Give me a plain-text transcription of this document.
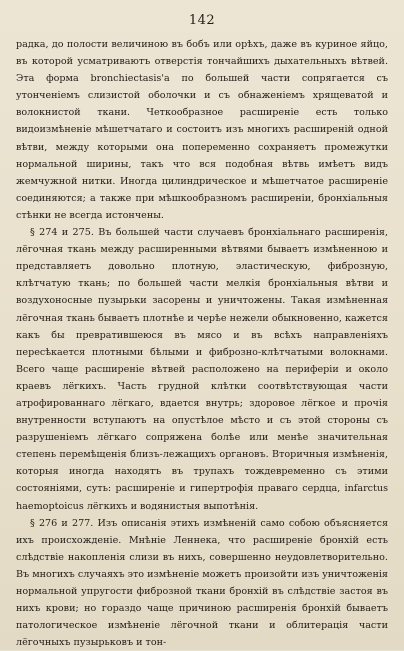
142

радка, до полости величиною въ бобъ или орѣхъ, даже въ куриное яйцо, въ которой усматриваютъ отверстія тончайшихъ дыхательныхъ вѣтвей. Эта форма bronchiectasis'а по большей части сопрягается съ утонченіемъ слизистой оболочки и съ обнаженіемъ хрящеватой и волокнистой ткани. Четкообразное расширеніе есть только видоизмѣненіе мѣшетчатаго и состоитъ изъ многихъ расширеній одной вѣтви, между которыми она попеременно сохраняетъ промежутки нормальной ширины, такъ что вся подобная вѣтвь имѣетъ видъ жемчужной нитки. Иногда цилиндрическое и мѣшетчатое расширеніе соединяются; а также при мѣшкообразномъ расширеніи, бронхіальныя стѣнки не всегда истончены.

§ 274 и 275. Въ большей части случаевъ бронхіальнаго расширенія, лёгочная ткань между расширенными вѣтвями бываетъ измѣненною и представляетъ довольно плотную, эластическую, фиброзную, клѣтчатую ткань; по большей части мелкія бронхіальныя вѣтви и воздухоносные пузырьки засорены и уничтожены. Такая измѣненная лёгочная ткань бываетъ плотнѣе и черѣе нежели обыкновенно, кажется какъ бы превратившеюся въ мясо и въ всѣхъ направленіяхъ пересѣкается плотными бѣлыми и фиброзно-клѣтчатыми волокнами. Всего чаще расширеніе вѣтвей расположено на периферіи и около краевъ лёгкихъ. Часть грудной клѣтки соотвѣтствующая части атрофированнаго лёгкаго, вдается внутрь; здоровое лёгкое и прочія внутренности вступаютъ на опустѣлое мѣсто и съ этой стороны съ разрушеніемъ лёгкаго сопряжена болѣе или менѣе значительная степень перемѣщенія близъ-лежащихъ органовъ. Вторичныя измѣненія, которыя иногда находятъ въ трупахъ тождевременно съ этими состояніями, суть: расширеніе и гипертрофія праваго сердца, infarctus haemoptoicus лёгкихъ и водянистыя выпотѣнія.

§ 276 и 277. Изъ описанія этихъ измѣненій само собою объясняется ихъ происхожденіе. Мнѣніе Леннека, что расширеніе бронхій есть слѣдствіе накопленія слизи въ нихъ, совершенно неудовлетворительно. Въ многихъ случаяхъ это измѣненіе можетъ произойти изъ уничтоженія нормальной упругости фиброзной ткани бронхій въ слѣдствіе застоя въ нихъ крови; но гораздо чаще причиною расширенія бронхій бываетъ патологическое измѣненіе лёгочной ткани и облитерація части лёгочныхъ пузырьковъ и тон-
